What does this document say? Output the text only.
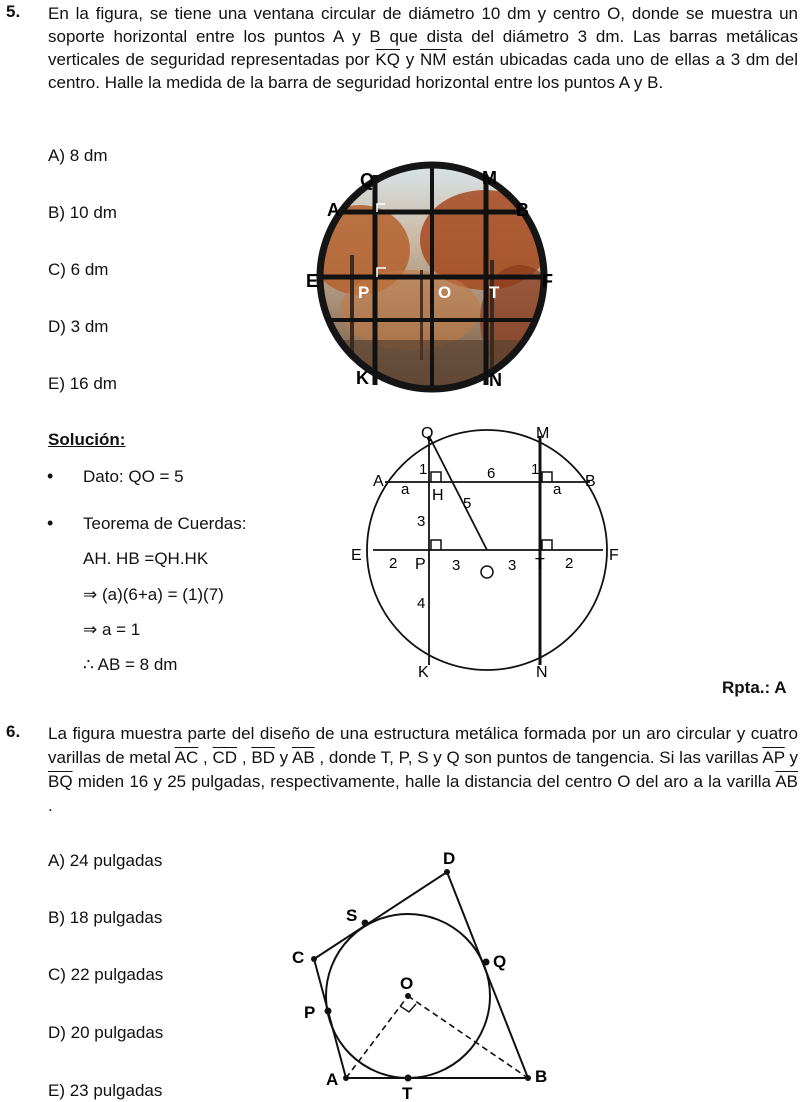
5. En la figura, se tiene una ventana circular de diámetro 10 dm y centro O, donde se muestra un soporte horizontal entre los puntos A y B que dista del diámetro 3 dm. Las barras metálicas verticales de seguridad representadas por $\overline{KQ}$ y $\overline{NM}$ están ubicadas cada uno de ellas a 3 dm del centro. Halle la medida de la barra de seguridad horizontal entre los puntos A y B.
A) 8 dm
B) 10 dm
C) 6 dm
D) 3 dm
E) 16 dm
Q	M
A	B
E	F
P	O T
K	N
Solución:
• Dato: QO = 5
• Teorema de Cuerdas:
AH. HB =QH.HK
⇒ (a)(6+a) = (1)(7)
⇒ a = 1
∴ AB = 8 dm
Q	M
A	B
E	F
H
P	T
K	N
1	1
a	a
6
5
3
2	3	3	2
4
Rpta.: A
6. La figura muestra parte del diseño de una estructura metálica formada por un aro circular y cuatro varillas de metal $\overline{AC}$ , $\overline{CD}$ , $\overline{BD}$ y $\overline{AB}$ , donde T, P, S y Q son puntos de tangencia. Si las varillas $\overline{AP}$ y $\overline{BQ}$ miden 16 y 25 pulgadas, respectivamente, halle la distancia del centro O del aro a la varilla $\overline{AB}$ .
A) 24 pulgadas
B) 18 pulgadas
C) 22 pulgadas
D) 20 pulgadas
E) 23 pulgadas
D
S
C	Q
O
P
A
T
B
